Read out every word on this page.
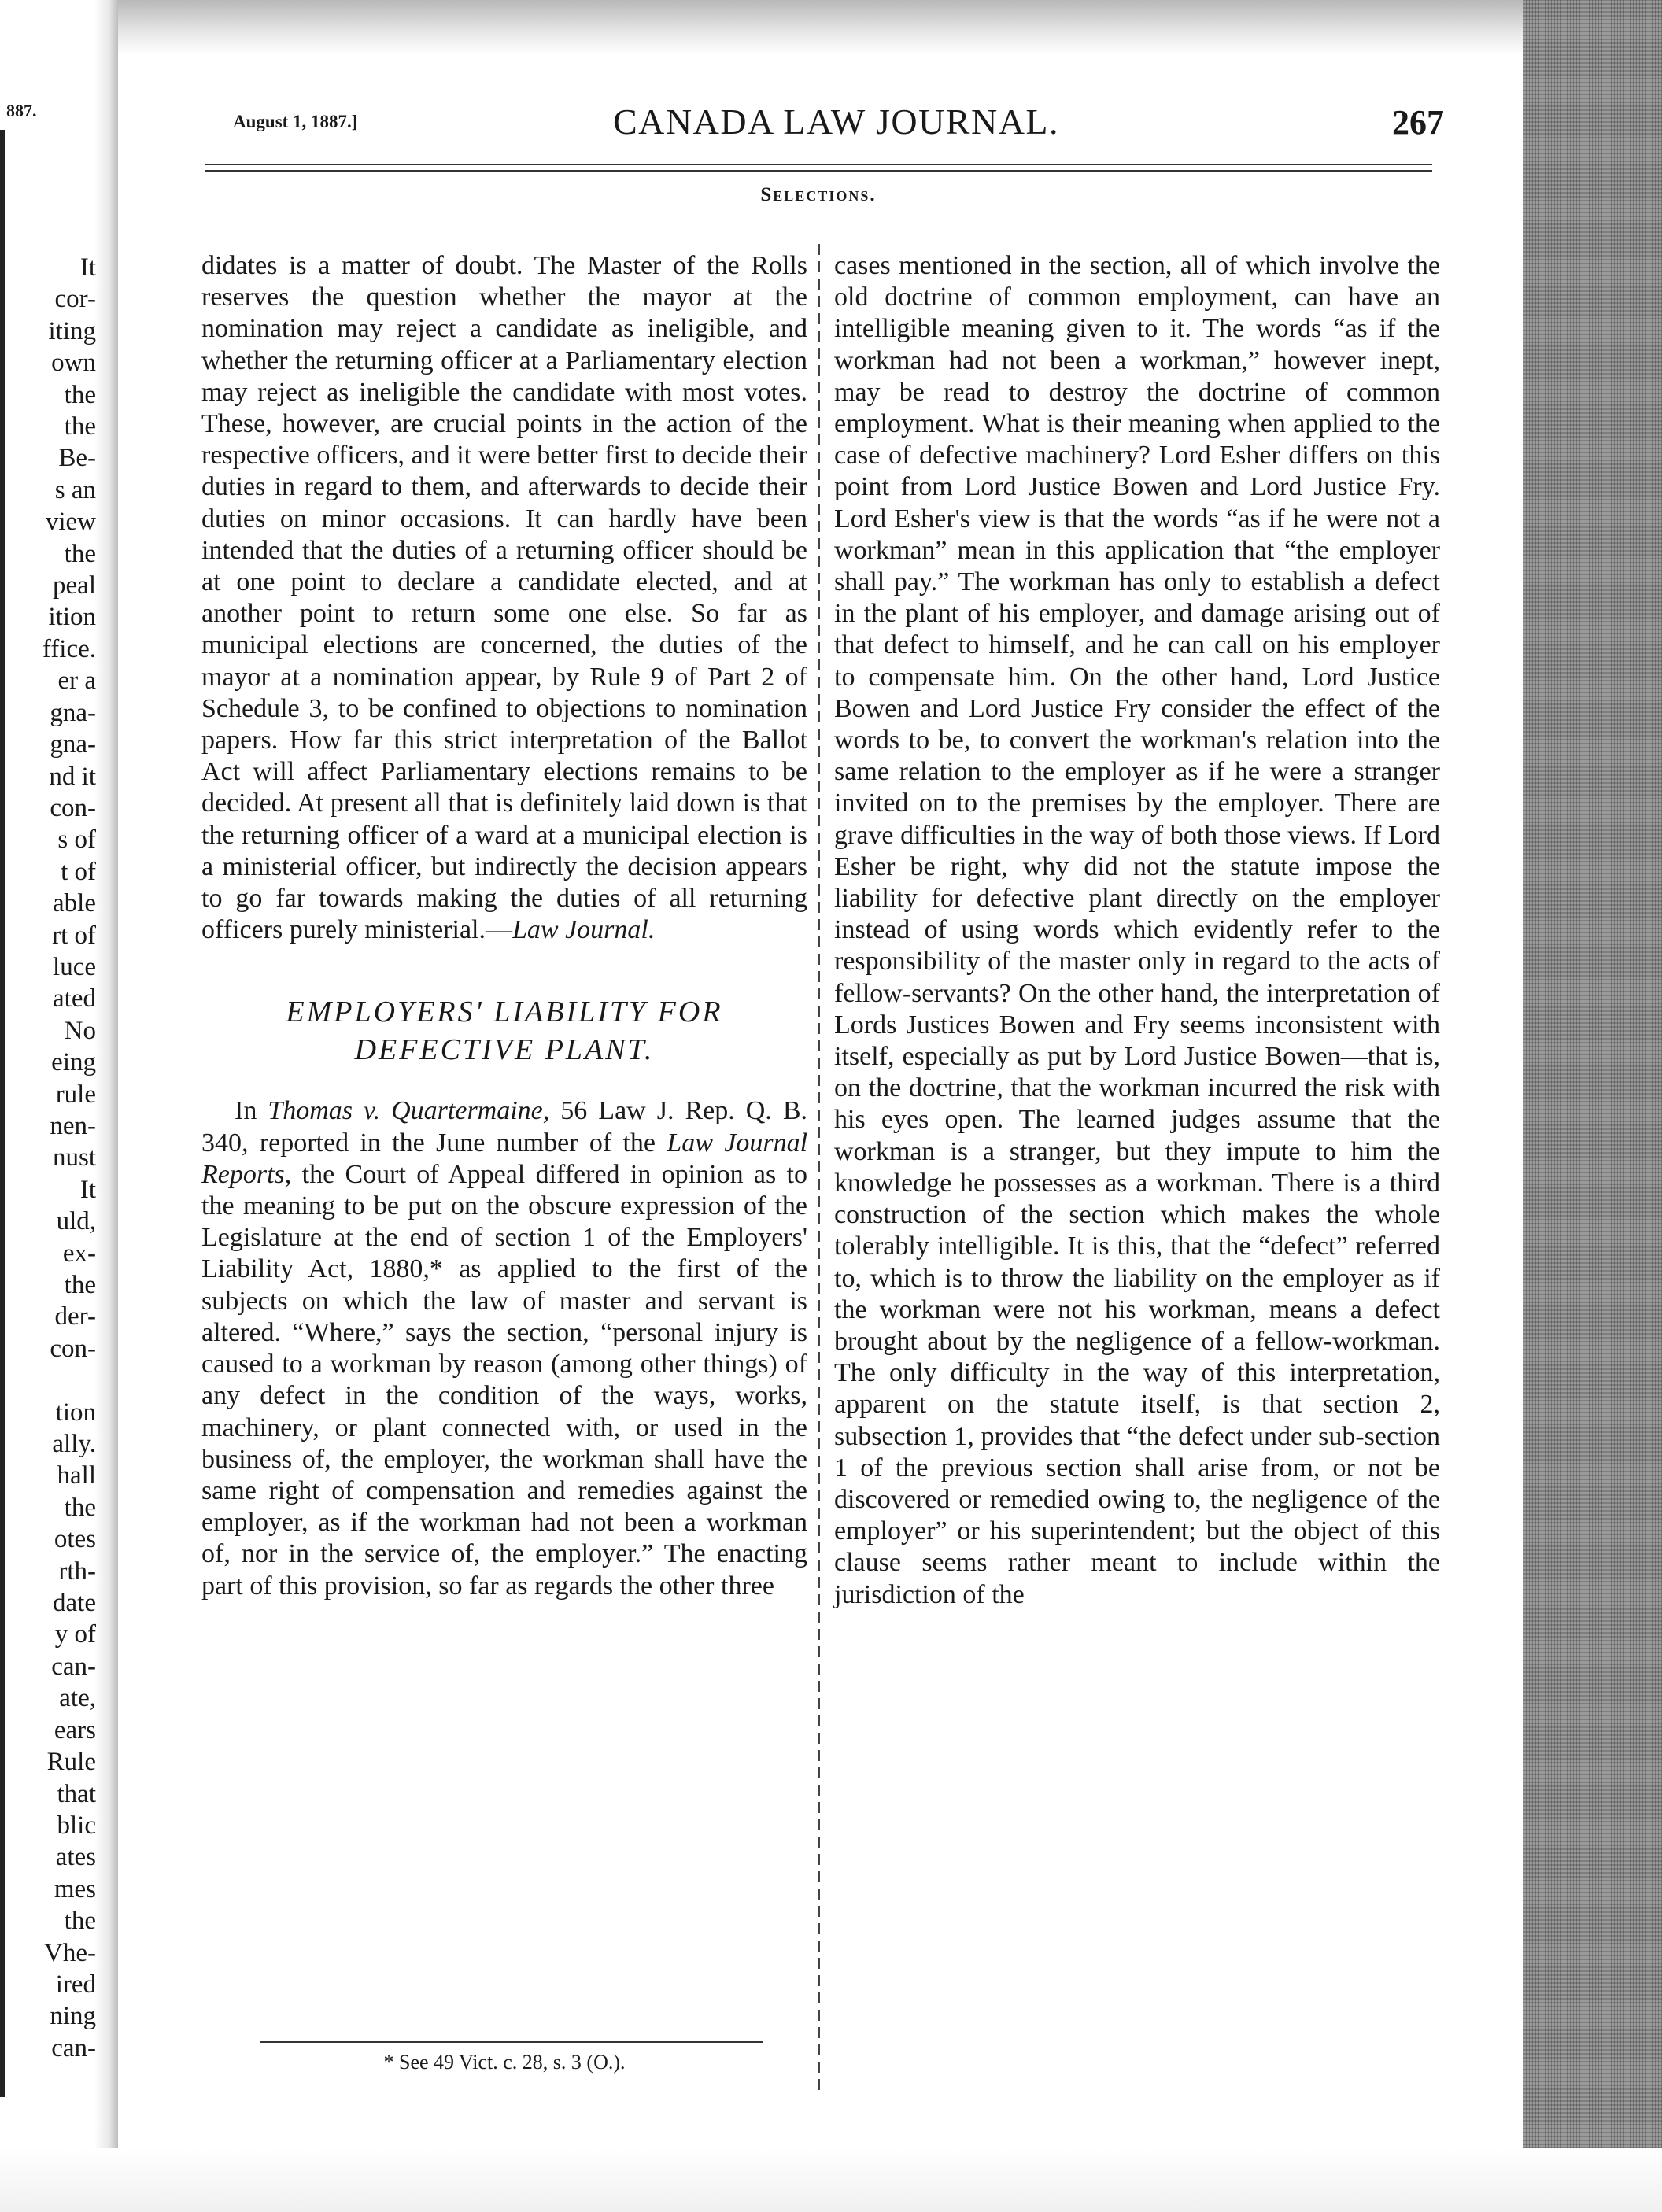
887.
It
cor-
iting
own
the
the
Be-
s an
view
the
peal
ition
ffice.
er a
gna-
gna-
nd it
con-
s of
t of
able
rt of
luce
ated
No
eing
rule
nen-
nust
It
uld,
ex-
the
der-
con-

tion
ally.
hall
the
otes
rth-
date
y of
can-
ate,
ears
Rule
that
blic
ates
mes
the
Vhe-
ired
ning
can-
August 1, 1887.]	CANADA LAW JOURNAL.	267
Selections.

didates is a matter of doubt. The Master of the Rolls reserves the question whether the mayor at the nomination may reject a candidate as ineligible, and whether the returning officer at a Parliamentary election may reject as ineligible the candidate with most votes. These, however, are crucial points in the action of the respective officers, and it were better first to decide their duties in regard to them, and afterwards to decide their duties on minor occasions. It can hardly have been intended that the duties of a returning officer should be at one point to declare a candidate elected, and at another point to return some one else. So far as municipal elections are concerned, the duties of the mayor at a nomination appear, by Rule 9 of Part 2 of Schedule 3, to be confined to objections to nomination papers. How far this strict interpretation of the Ballot Act will affect Parliamentary elections remains to be decided. At present all that is definitely laid down is that the returning officer of a ward at a municipal election is a ministerial officer, but indirectly the decision appears to go far towards making the duties of all returning officers purely ministerial.—Law Journal.

EMPLOYERS' LIABILITY FOR
DEFECTIVE PLANT.

In Thomas v. Quartermaine, 56 Law J. Rep. Q. B. 340, reported in the June number of the Law Journal Reports, the Court of Appeal differed in opinion as to the meaning to be put on the obscure expression of the Legislature at the end of section 1 of the Employers' Liability Act, 1880,* as applied to the first of the subjects on which the law of master and servant is altered. “Where,” says the section, “personal injury is caused to a workman by reason (among other things) of any defect in the condition of the ways, works, machinery, or plant connected with, or used in the business of, the employer, the workman shall have the same right of compensation and remedies against the employer, as if the workman had not been a workman of, nor in the service of, the employer.” The enacting part of this provision, so far as regards the other three

cases mentioned in the section, all of which involve the old doctrine of common employment, can have an intelligible meaning given to it. The words “as if the workman had not been a workman,” however inept, may be read to destroy the doctrine of common employment. What is their meaning when applied to the case of defective machinery? Lord Esher differs on this point from Lord Justice Bowen and Lord Justice Fry. Lord Esher's view is that the words “as if he were not a workman” mean in this application that “the employer shall pay.” The workman has only to establish a defect in the plant of his employer, and damage arising out of that defect to himself, and he can call on his employer to compensate him. On the other hand, Lord Justice Bowen and Lord Justice Fry consider the effect of the words to be, to convert the workman's relation into the same relation to the employer as if he were a stranger invited on to the premises by the employer. There are grave difficulties in the way of both those views. If Lord Esher be right, why did not the statute impose the liability for defective plant directly on the employer instead of using words which evidently refer to the responsibility of the master only in regard to the acts of fellow-servants? On the other hand, the interpretation of Lords Justices Bowen and Fry seems inconsistent with itself, especially as put by Lord Justice Bowen—that is, on the doctrine, that the workman incurred the risk with his eyes open. The learned judges assume that the workman is a stranger, but they impute to him the knowledge he possesses as a workman. There is a third construction of the section which makes the whole tolerably intelligible. It is this, that the “defect” referred to, which is to throw the liability on the employer as if the workman were not his workman, means a defect brought about by the negligence of a fellow-workman. The only difficulty in the way of this interpretation, apparent on the statute itself, is that section 2, subsection 1, provides that “the defect under sub-section 1 of the previous section shall arise from, or not be discovered or remedied owing to, the negligence of the employer” or his superintendent; but the object of this clause seems rather meant to include within the jurisdiction of the

* See 49 Vict. c. 28, s. 3 (O.).
